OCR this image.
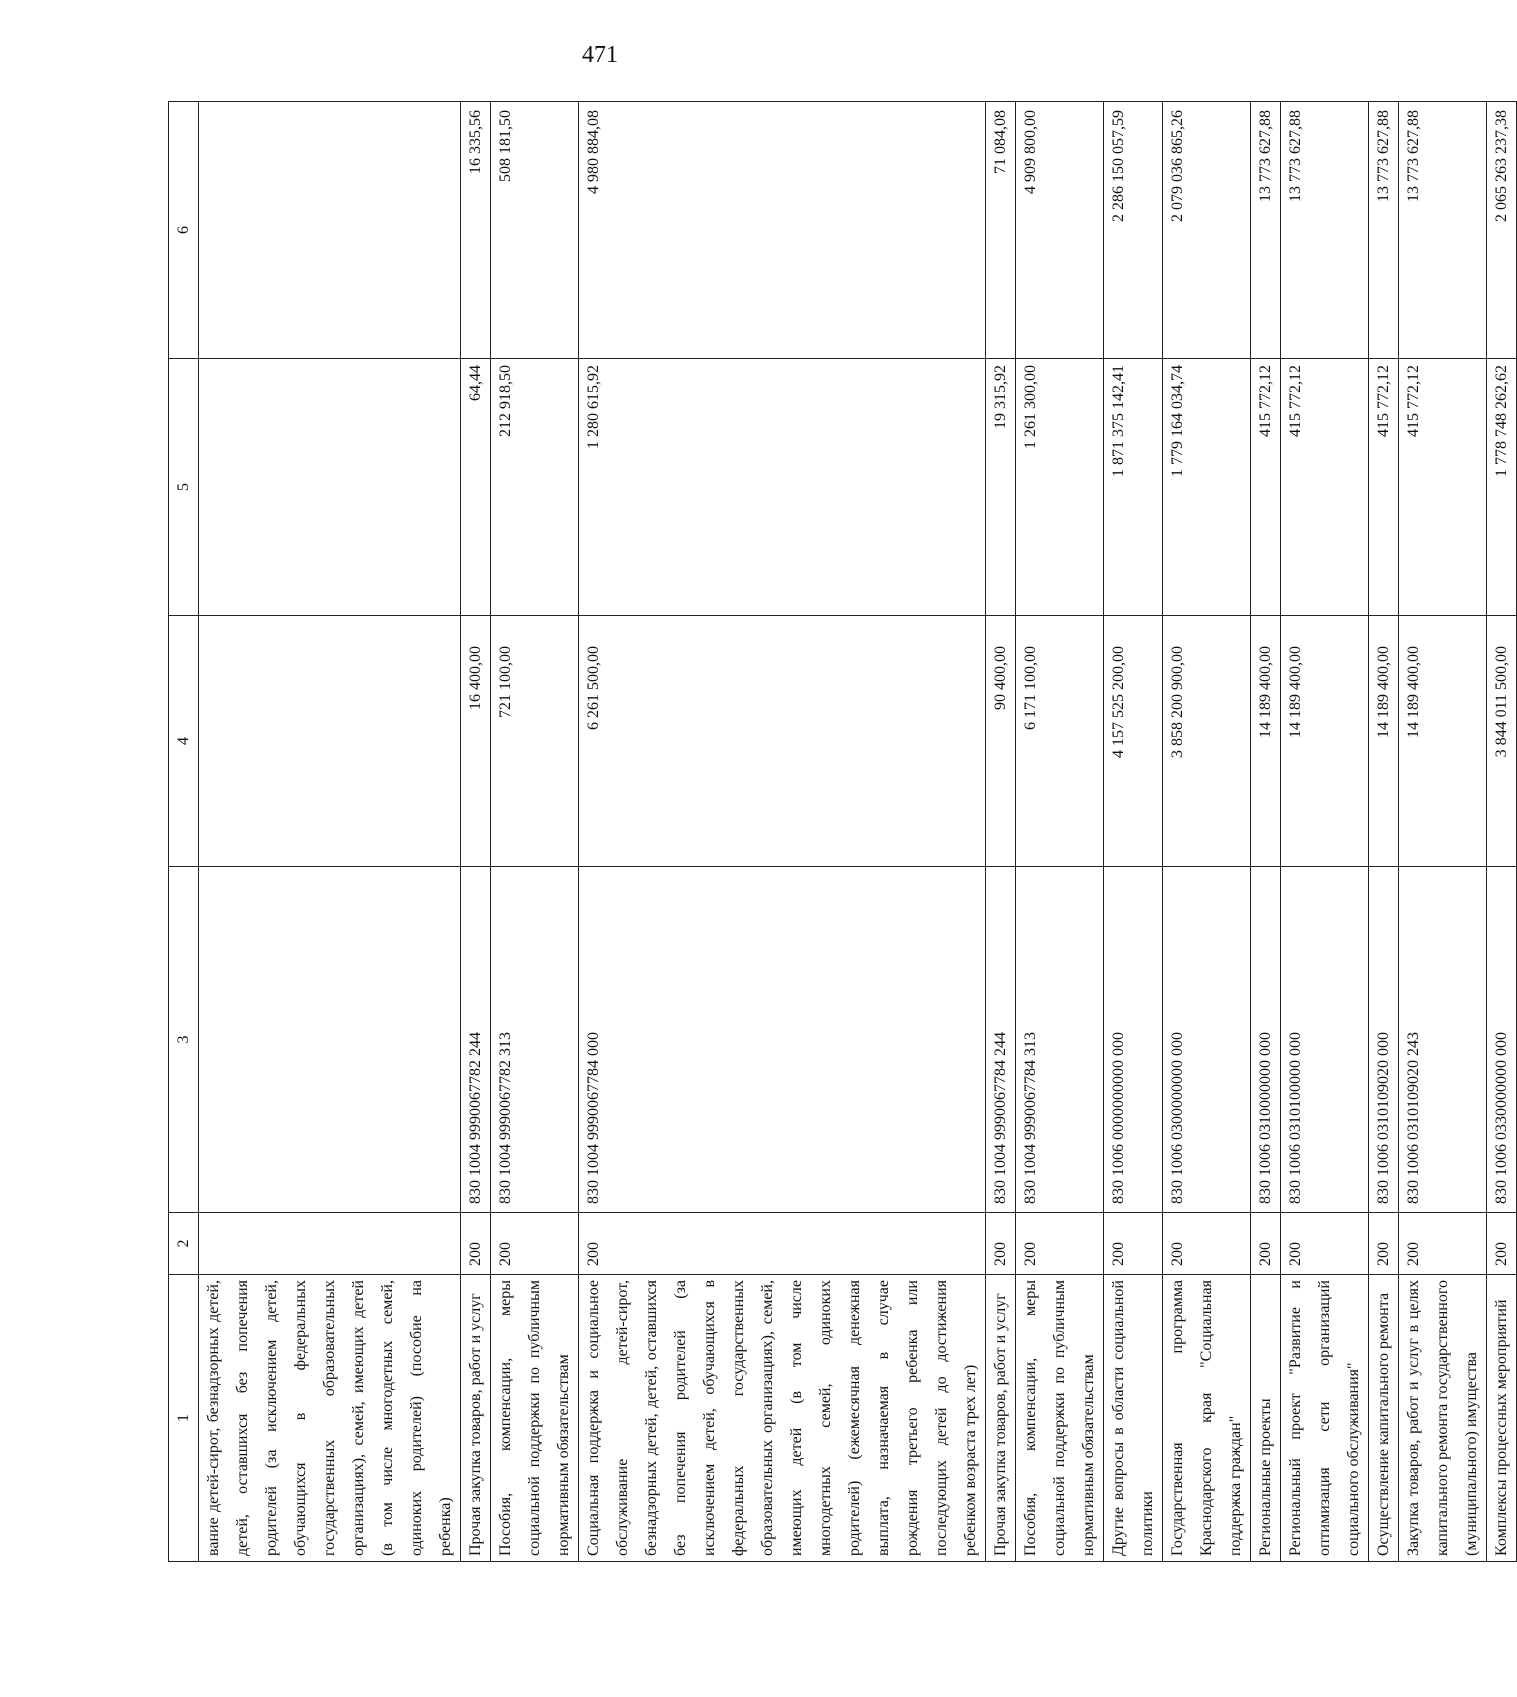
471
1	2	3	4	5	6
вание детей-сирот, безнадзорных детей, детей, оставшихся без попечения родителей (за исключением детей, обучающихся в федеральных государственных образовательных организациях), семей, имеющих детей (в том числе многодетных семей, одиноких родителей) (пособие на ребенка)					
Прочая закупка товаров, работ и услуг	200	830 1004 9990067782 244	16 400,00	64,44	16 335,56
Пособия, компенсации, меры социальной поддержки по публичным нормативным обязательствам	200	830 1004 9990067782 313	721 100,00	212 918,50	508 181,50
Социальная поддержка и социальное обслуживание детей-сирот, безнадзорных детей, детей, оставшихся без попечения родителей (за исключением детей, обучающихся в федеральных государственных образовательных организациях), семей, имеющих детей (в том числе многодетных семей, одиноких родителей) (ежемесячная денежная выплата, назначаемая в случае рождения третьего ребенка или последующих детей до достижения ребенком возраста трех лет)	200	830 1004 9990067784 000	6 261 500,00	1 280 615,92	4 980 884,08
Прочая закупка товаров, работ и услуг	200	830 1004 9990067784 244	90 400,00	19 315,92	71 084,08
Пособия, компенсации, меры социальной поддержки по публичным нормативным обязательствам	200	830 1004 9990067784 313	6 171 100,00	1 261 300,00	4 909 800,00
Другие вопросы в области социальной политики	200	830 1006 0000000000 000	4 157 525 200,00	1 871 375 142,41	2 286 150 057,59
Государственная программа Краснодарского края "Социальная поддержка граждан"	200	830 1006 0300000000 000	3 858 200 900,00	1 779 164 034,74	2 079 036 865,26
Региональные проекты	200	830 1006 0310000000 000	14 189 400,00	415 772,12	13 773 627,88
Региональный проект "Развитие и оптимизация сети организаций социального обслуживания"	200	830 1006 0310100000 000	14 189 400,00	415 772,12	13 773 627,88
Осуществление капитального ремонта	200	830 1006 0310109020 000	14 189 400,00	415 772,12	13 773 627,88
Закупка товаров, работ и услуг в целях капитального ремонта государственного (муниципального) имущества	200	830 1006 0310109020 243	14 189 400,00	415 772,12	13 773 627,88
Комплексы процессных мероприятий	200	830 1006 0330000000 000	3 844 011 500,00	1 778 748 262,62	2 065 263 237,38
